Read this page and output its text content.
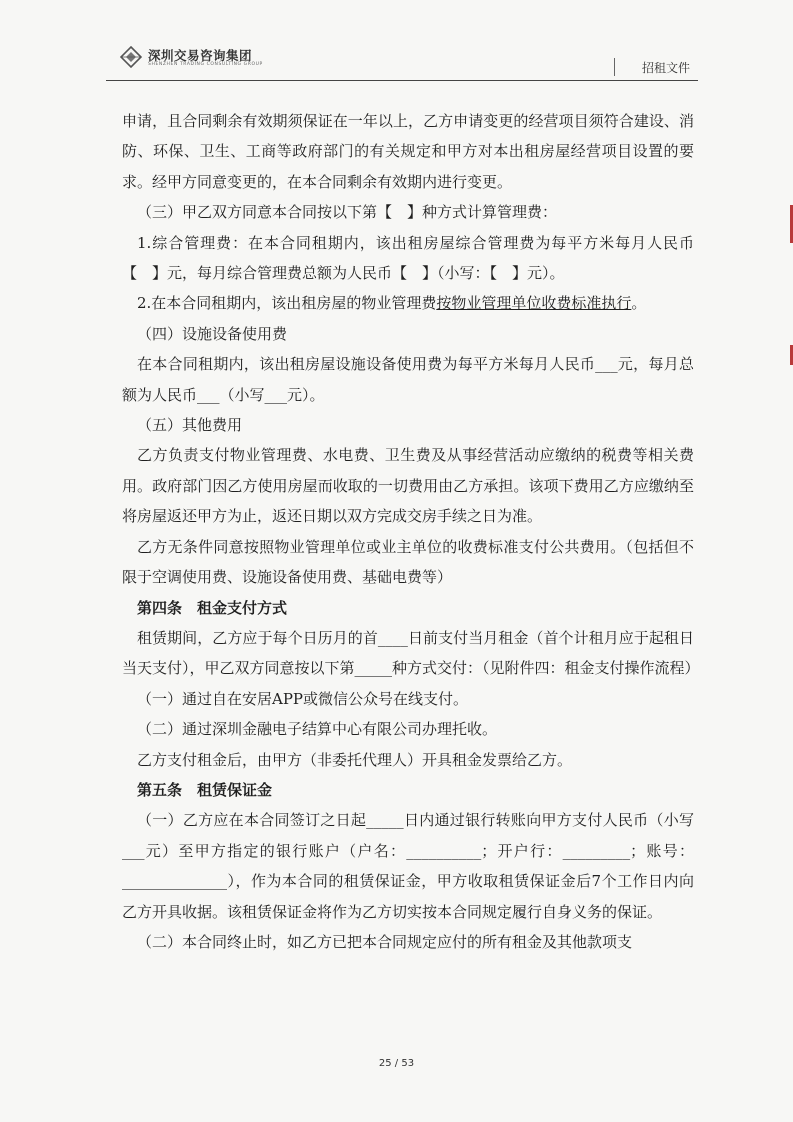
深圳交易咨询集团
SHENZHEN TRADING CONSULTING GROUP	招租文件

申请，且合同剩余有效期须保证在一年以上，乙方申请变更的经营项目须符合建设、消防、环保、卫生、工商等政府部门的有关规定和甲方对本出租房屋经营项目设置的要求。经甲方同意变更的，在本合同剩余有效期内进行变更。

（三）甲乙双方同意本合同按以下第【　】种方式计算管理费：

1.综合管理费：在本合同租期内，该出租房屋综合管理费为每平方米每月人民币【　】元，每月综合管理费总额为人民币【　】（小写：【　】元）。

2.在本合同租期内，该出租房屋的物业管理费按物业管理单位收费标准执行。

（四）设施设备使用费

在本合同租期内，该出租房屋设施设备使用费为每平方米每月人民币___元，每月总额为人民币___（小写___元）。

（五）其他费用

乙方负责支付物业管理费、水电费、卫生费及从事经营活动应缴纳的税费等相关费用。政府部门因乙方使用房屋而收取的一切费用由乙方承担。该项下费用乙方应缴纳至将房屋返还甲方为止，返还日期以双方完成交房手续之日为准。

乙方无条件同意按照物业管理单位或业主单位的收费标准支付公共费用。（包括但不限于空调使用费、设施设备使用费、基础电费等）

第四条　租金支付方式

租赁期间，乙方应于每个日历月的首____日前支付当月租金（首个计租月应于起租日当天支付），甲乙双方同意按以下第_____种方式交付：（见附件四：租金支付操作流程）

（一）通过自在安居APP或微信公众号在线支付。

（二）通过深圳金融电子结算中心有限公司办理托收。

乙方支付租金后，由甲方（非委托代理人）开具租金发票给乙方。

第五条　租赁保证金

（一）乙方应在本合同签订之日起_____日内通过银行转账向甲方支付人民币（小写___元）至甲方指定的银行账户（户名：__________；开户行：_________；账号：______________），作为本合同的租赁保证金，甲方收取租赁保证金后7个工作日内向乙方开具收据。该租赁保证金将作为乙方切实按本合同规定履行自身义务的保证。

（二）本合同终止时，如乙方已把本合同规定应付的所有租金及其他款项支

25 / 53
